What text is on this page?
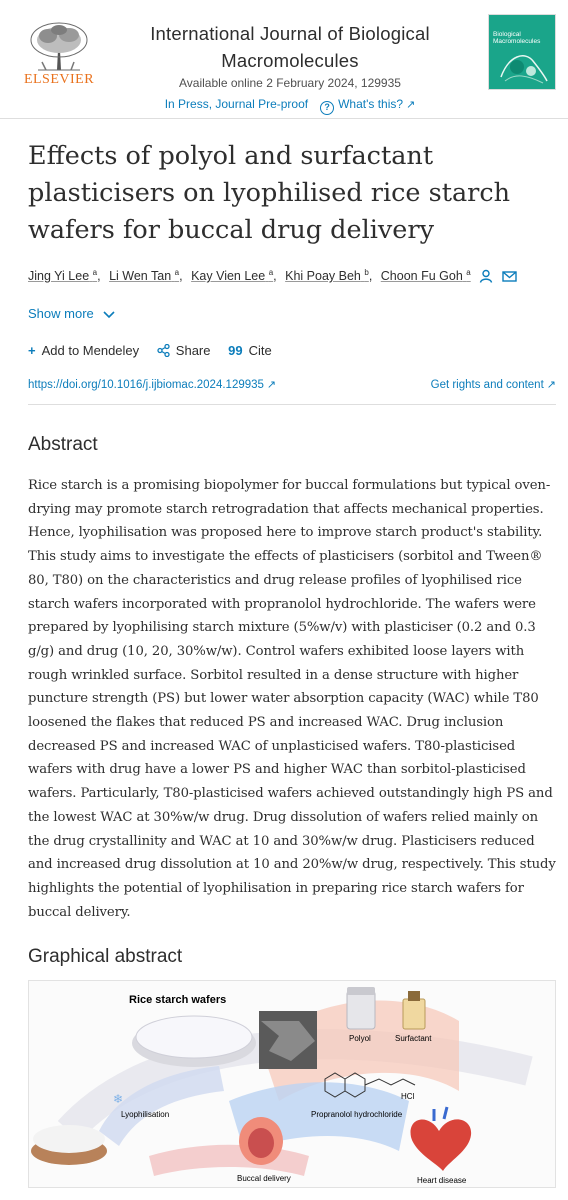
ELSEVIER
International Journal of Biological Macromolecules
Available online 2 February 2024, 129935
In Press, Journal Pre-proof ? What's this? ↗
Biological Macromolecules
Effects of polyol and surfactant plasticisers on lyophilised rice starch wafers for buccal drug delivery
Jing Yi Lee $^a$, Li Wen Tan $^a$, Kay Vien Lee $^a$, Khi Poay Beh $^b$, Choon Fu Goh $^a$
Show more
+ Add to Mendeley	Share 99 Cite
https://doi.org/10.1016/j.ijbiomac.2024.129935 ↗	Get rights and content ↗
Abstract

Rice starch is a promising biopolymer for buccal formulations but typical oven-drying may promote starch retrogradation that affects mechanical properties. Hence, lyophilisation was proposed here to improve starch product's stability. This study aims to investigate the effects of plasticisers (sorbitol and Tween® 80, T80) on the characteristics and drug release profiles of lyophilised rice starch wafers incorporated with propranolol hydrochloride. The wafers were prepared by lyophilising starch mixture (5%w/v) with plasticiser (0.2 and 0.3 g/g) and drug (10, 20, 30%w/w). Control wafers exhibited loose layers with rough wrinkled surface. Sorbitol resulted in a dense structure with higher puncture strength (PS) but lower water absorption capacity (WAC) while T80 loosened the flakes that reduced PS and increased WAC. Drug inclusion decreased PS and increased WAC of unplasticised wafers. T80-plasticised wafers with drug have a lower PS and higher WAC than sorbitol-plasticised wafers. Particularly, T80-plasticised wafers achieved outstandingly high PS and the lowest WAC at 30%w/w drug. Drug dissolution of wafers relied mainly on the drug crystallinity and WAC at 10 and 30%w/w drug. Plasticisers reduced and increased drug dissolution at 10 and 20%w/w drug, respectively. This study highlights the potential of lyophilisation in preparing rice starch wafers for buccal delivery.

Graphical abstract
Rice starch wafers
Polyol	Surfactant
HCl
Propranolol hydrochloride
Lyophilisation
❄
Buccal delivery	Heart disease
